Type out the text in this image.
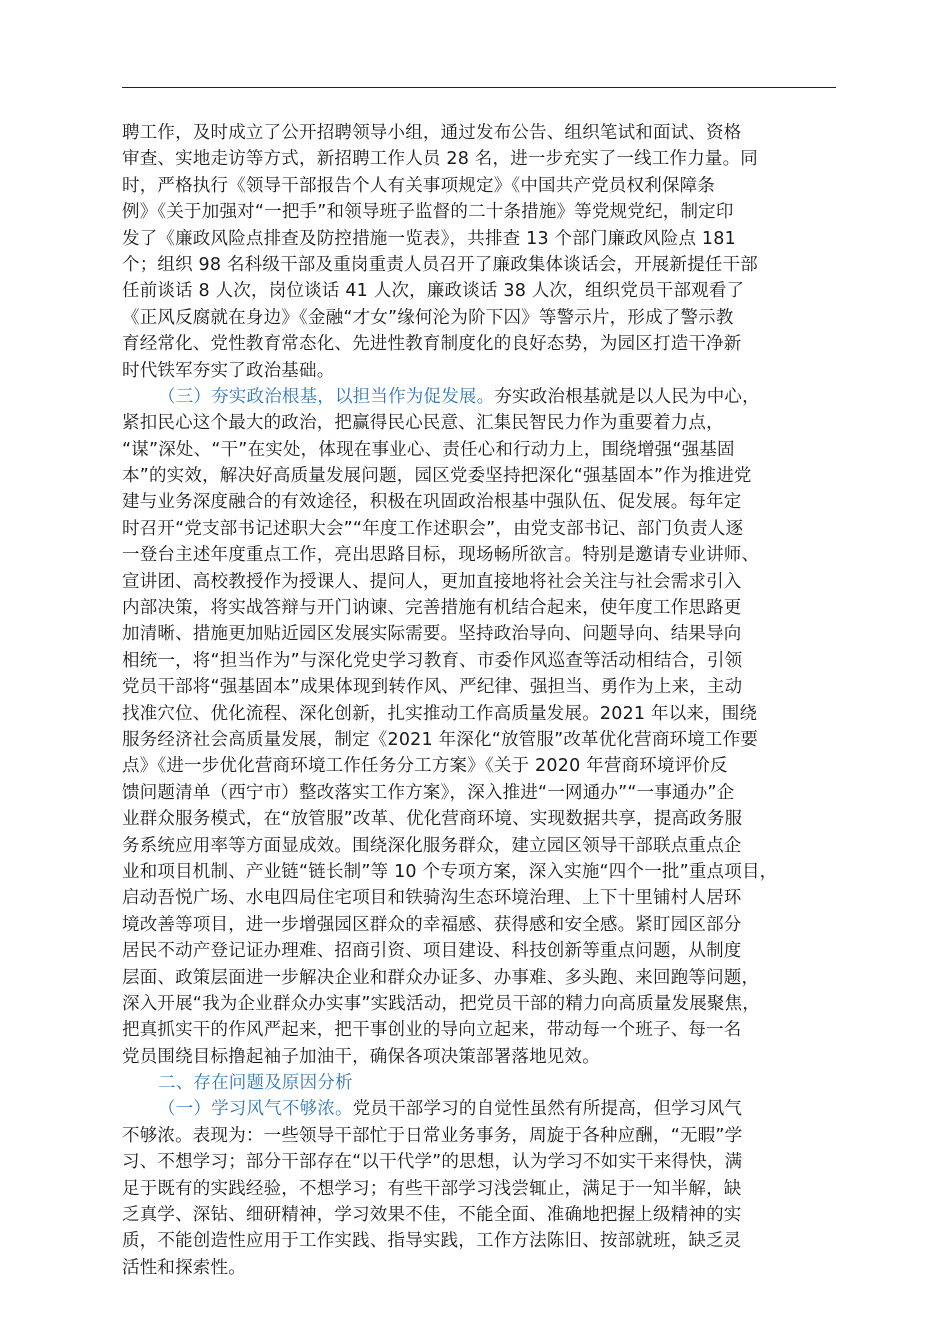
聘工作，及时成立了公开招聘领导小组，通过发布公告、组织笔试和面试、资格
审查、实地走访等方式，新招聘工作人员 28 名，进一步充实了一线工作力量。同
时，严格执行《领导干部报告个人有关事项规定》《中国共产党员权利保障条
例》《关于加强对“一把手”和领导班子监督的二十条措施》等党规党纪，制定印
发了《廉政风险点排查及防控措施一览表》，共排查 13 个部门廉政风险点 181
个；组织 98 名科级干部及重岗重责人员召开了廉政集体谈话会，开展新提任干部
任前谈话 8 人次，岗位谈话 41 人次，廉政谈话 38 人次，组织党员干部观看了
《正风反腐就在身边》《金融“才女”缘何沦为阶下囚》等警示片，形成了警示教
育经常化、党性教育常态化、先进性教育制度化的良好态势，为园区打造干净新
时代铁军夯实了政治基础。
（三）夯实政治根基，以担当作为促发展。夯实政治根基就是以人民为中心，
紧扣民心这个最大的政治，把赢得民心民意、汇集民智民力作为重要着力点，
“谋”深处、“干”在实处，体现在事业心、责任心和行动力上，围绕增强“强基固
本”的实效，解决好高质量发展问题，园区党委坚持把深化“强基固本”作为推进党
建与业务深度融合的有效途径，积极在巩固政治根基中强队伍、促发展。每年定
时召开“党支部书记述职大会”“年度工作述职会”，由党支部书记、部门负责人逐
一登台主述年度重点工作，亮出思路目标，现场畅所欲言。特别是邀请专业讲师、
宣讲团、高校教授作为授课人、提问人，更加直接地将社会关注与社会需求引入
内部决策，将实战答辩与开门讷谏、完善措施有机结合起来，使年度工作思路更
加清晰、措施更加贴近园区发展实际需要。坚持政治导向、问题导向、结果导向
相统一，将“担当作为”与深化党史学习教育、市委作风巡查等活动相结合，引领
党员干部将“强基固本”成果体现到转作风、严纪律、强担当、勇作为上来，主动
找准穴位、优化流程、深化创新，扎实推动工作高质量发展。2021 年以来，围绕
服务经济社会高质量发展，制定《2021 年深化“放管服”改革优化营商环境工作要
点》《进一步优化营商环境工作任务分工方案》《关于 2020 年营商环境评价反
馈问题清单（西宁市）整改落实工作方案》，深入推进“一网通办”“一事通办”企
业群众服务模式，在“放管服”改革、优化营商环境、实现数据共享，提高政务服
务系统应用率等方面显成效。围绕深化服务群众，建立园区领导干部联点重点企
业和项目机制、产业链“链长制”等 10 个专项方案，深入实施“四个一批”重点项目，
启动吾悦广场、水电四局住宅项目和铁骑沟生态环境治理、上下十里铺村人居环
境改善等项目，进一步增强园区群众的幸福感、获得感和安全感。紧盯园区部分
居民不动产登记证办理难、招商引资、项目建设、科技创新等重点问题，从制度
层面、政策层面进一步解决企业和群众办证多、办事难、多头跑、来回跑等问题，
深入开展“我为企业群众办实事”实践活动，把党员干部的精力向高质量发展聚焦，
把真抓实干的作风严起来，把干事创业的导向立起来，带动每一个班子、每一名
党员围绕目标撸起袖子加油干，确保各项决策部署落地见效。
二、存在问题及原因分析
（一）学习风气不够浓。党员干部学习的自觉性虽然有所提高，但学习风气
不够浓。表现为：一些领导干部忙于日常业务事务，周旋于各种应酬，“无暇”学
习、不想学习；部分干部存在“以干代学”的思想，认为学习不如实干来得快，满
足于既有的实践经验，不想学习；有些干部学习浅尝辄止，满足于一知半解，缺
乏真学、深钻、细研精神，学习效果不佳，不能全面、准确地把握上级精神的实
质，不能创造性应用于工作实践、指导实践，工作方法陈旧、按部就班，缺乏灵
活性和探索性。
